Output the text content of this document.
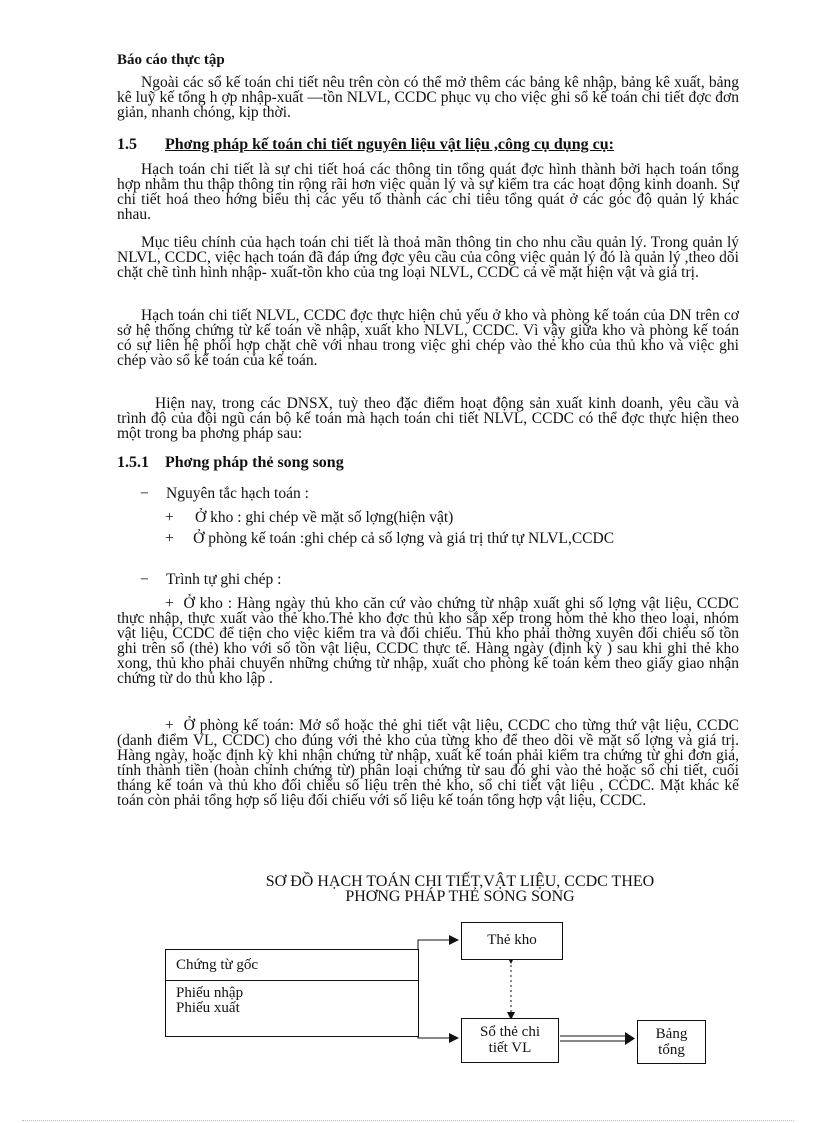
Báo cáo thực tập

Ngoài các sổ kế toán chi tiết nêu trên còn có thể mở thêm các bảng kê nhập, bảng kê xuất, bảng kê luỹ kế tổng h ợp nhập-xuất —tồn NLVL, CCDC phục vụ cho việc ghi sổ kế toán chi tiết đợc đơn giản, nhanh chóng, kịp thời.

1.5 Phơng pháp kế toán chi tiết nguyên liệu vật liệu ,công cụ dụng cụ:

Hạch toán chi tiết là sự chi tiết hoá các thông tin tổng quát đợc hình thành bởi hạch toán tổng hợp nhằm thu thập thông tin rộng rãi hơn việc quản lý và sự kiểm tra các hoạt động kinh doanh. Sự chi tiết hoá theo hớng biểu thị các yếu tố thành các chỉ tiêu tổng quát ở các góc độ quản lý khác nhau.

Mục tiêu chính của hạch toán chi tiết là thoả mãn thông tin cho nhu cầu quản lý. Trong quản lý NLVL, CCDC, việc hạch toán đã đáp ứng đợc yêu cầu của công việc quản lý đó là quản lý ,theo dõi chặt chẽ tình hình nhập- xuất-tồn kho của tng loại NLVL, CCDC cả về mặt hiện vật và giá trị.

Hạch toán chi tiết NLVL, CCDC đợc thực hiện chủ yếu ở kho và phòng kế toán của DN trên cơ sở hệ thống chứng từ kế toán về nhập, xuất kho NLVL, CCDC. Vì vậy giữa kho và phòng kế toán có sự liên hệ phối hợp chặt chẽ với nhau trong việc ghi chép vào thẻ kho của thủ kho và việc ghi chép vào sổ kế toán của kế toán.

Hiện nay, trong các DNSX, tuỳ theo đặc điểm hoạt động sản xuất kinh doanh, yêu cầu và trình độ của đội ngũ cán bộ kế toán mà hạch toán chi tiết NLVL, CCDC có thể đợc thực hiện theo một trong ba phơng pháp sau:

1.5.1 Phơng pháp thẻ song song
− Nguyên tắc hạch toán :
+ Ở kho : ghi chép về mặt số lợng(hiện vật)

+     Ở phòng kế toán :ghi chép cả số lợng và giá trị thứ tự NLVL,CCDC

− Trình tự ghi chép :

+  Ở kho : Hàng ngày thủ kho căn cứ vào chứng từ nhập xuất ghi số lợng vật liệu, CCDC thực nhập, thực xuất vào thẻ kho.Thẻ kho đợc thủ kho sắp xếp trong hòm thẻ kho theo loại, nhóm vật liệu, CCDC để tiện cho việc kiểm tra và đối chiếu. Thủ kho phải thờng xuyên đối chiếu số tồn ghi trên sổ (thẻ) kho với số tồn vật liệu, CCDC thực tế. Hàng ngày (định kỳ ) sau khi ghi thẻ kho xong, thủ kho phải chuyển những chứng từ nhập, xuất cho phòng kế toán kèm theo giấy giao nhận chứng từ do thủ kho lập .

+  Ở phòng kế toán: Mở sổ hoặc thẻ ghi tiết vật liệu, CCDC cho từng thứ vật liệu, CCDC (danh điểm VL, CCDC) cho đúng với thẻ kho của từng kho để theo dõi về mặt số lợng và giá trị. Hàng ngày, hoặc định kỳ khi nhận chứng từ nhập, xuất kế toán phải kiểm tra chứng từ ghi đơn giá, tính thành tiền (hoàn chỉnh chứng từ) phân loại chứng từ sau đó ghi vào thẻ hoặc sổ chi tiết, cuối tháng kế toán và thủ kho đối chiếu số liệu trên thẻ kho, sổ chi tiết vật liệu , CCDC. Mặt khác kế toán còn phải tổng hợp số liệu đối chiếu với số liệu kế toán tổng hợp vật liệu, CCDC.

SƠ ĐỒ HẠCH TOÁN CHI TIẾT,VẬT LIỆU, CCDC THEO
PHƠNG PHÁP THẺ SONG SONG
Chứng từ gốc
Phiếu nhập
Phiếu xuất
Thẻ kho
Sổ thẻ chi
tiết VL
Bảng
tổng
